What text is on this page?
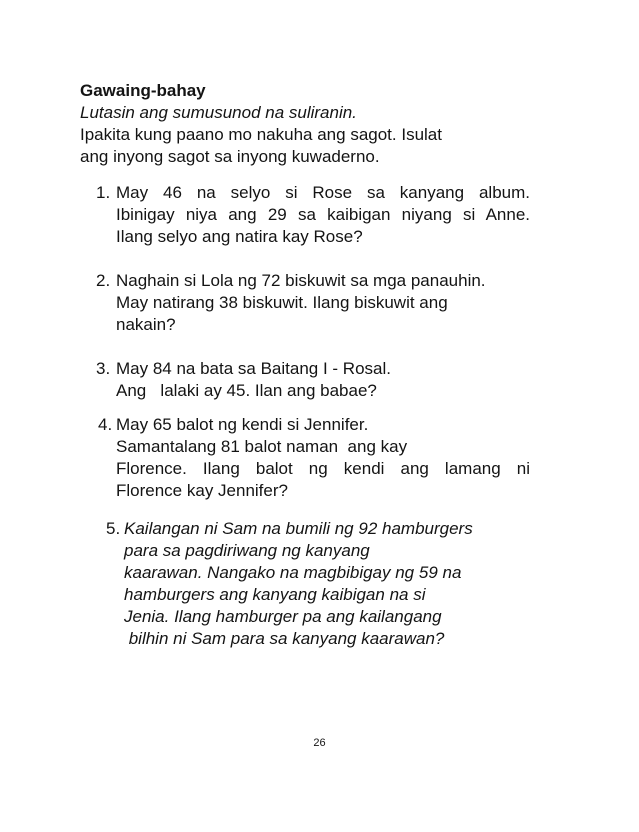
Gawaing-bahay
Lutasin ang sumusunod na suliranin.
Ipakita kung paano mo nakuha ang sagot. Isulat
ang inyong sagot sa inyong kuwaderno.
1. May 46 na selyo si Rose sa kanyang album.
Ibinigay niya ang 29 sa kaibigan niyang si Anne.
Ilang selyo ang natira kay Rose?
2. Naghain si Lola ng 72 biskuwit sa mga panauhin.
May natirang 38 biskuwit. Ilang biskuwit ang
nakain?
3. May 84 na bata sa Baitang I - Rosal.
Ang   lalaki ay 45. Ilan ang babae?
4. May 65 balot ng kendi si Jennifer.
Samantalang 81 balot naman  ang kay
Florence. Ilang balot ng kendi ang lamang ni
Florence kay Jennifer?
5. Kailangan ni Sam na bumili ng 92 hamburgers
para sa pagdiriwang ng kanyang
kaarawan. Nangako na magbibigay ng 59 na
hamburgers ang kanyang kaibigan na si
Jenia. Ilang hamburger pa ang kailangang
bilhin ni Sam para sa kanyang kaarawan?
26
